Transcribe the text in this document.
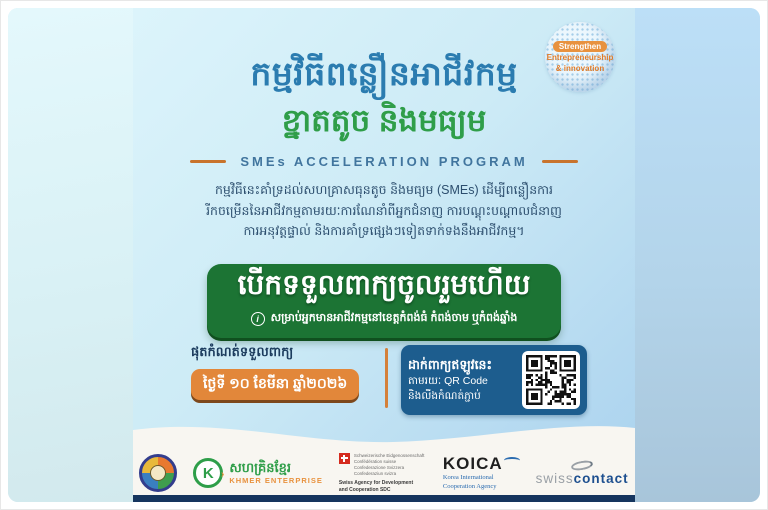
Strengthen
Entrepreneurship
& innovation
កម្មវិធីពន្លឿនអាជីវកម្ម
ខ្នាតតូច និងមធ្យម
SMEs ACCELERATION PROGRAM
កម្មវិធីនេះគាំទ្រដល់សហគ្រាសធុនតូច និងមធ្យម (SMEs) ដើម្បីពន្លឿនការ
រីកចម្រើននៃអាជីវកម្មតាមរយៈការណែនាំពីអ្នកជំនាញ ការបណ្តុះបណ្តាលជំនាញ
ការអនុវត្តផ្ទាល់ និងការគាំទ្រផ្សេងៗទៀតទាក់ទងនឹងអាជីវកម្ម។
បើកទទួលពាក្យចូលរួមហើយ
i	សម្រាប់អ្នកមានអាជីវកម្មនៅខេត្តកំពង់ធំ កំពង់ចាម ឬកំពង់ឆ្នាំង
ផុតកំណត់ទទួលពាក្យ
ថ្ងៃទី ១០ ខែមីនា ឆ្នាំ២០២៦
ដាក់ពាក្យឥឡូវនេះ
តាមរយៈ QR Code
និងលីងកំណត់ភ្ជាប់
K › សហគ្រិនខ្មែរ
KHMER ENTERPRISE
Schweizerische Eidgenossenschaft
Confédération suisse
Confederazione Svizzera
Confederaziun svizra
Swiss Agency for Development
and Cooperation SDC
KOICA
Korea International
Cooperation Agency
swisscontact
